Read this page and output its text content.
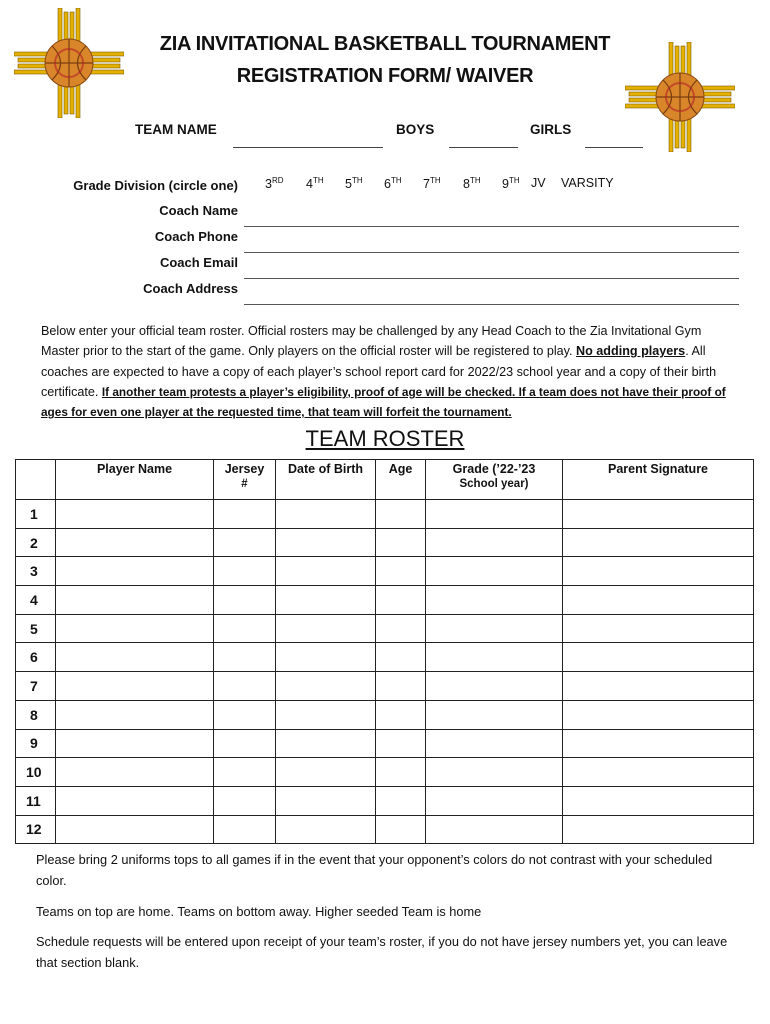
ZIA INVITATIONAL BASKETBALL TOURNAMENT
REGISTRATION FORM/ WAIVER
TEAM NAME	BOYS	GIRLS
Grade Division (circle one) 3RD 4TH 5TH 6TH 7TH 8TH 9TH JV VARSITY
Coach Name
Coach Phone
Coach Email
Coach Address
Below enter your official team roster. Official rosters may be challenged by any Head Coach to the Zia Invitational Gym Master prior to the start of the game. Only players on the official roster will be registered to play. No adding players. All coaches are expected to have a copy of each player’s school report card for 2022/23 school year and a copy of their birth certificate. If another team protests a player’s eligibility, proof of age will be checked. If a team does not have their proof of ages for even one player at the requested time, that team will forfeit the tournament.
TEAM ROSTER
	Player Name	Jersey
#	Date of Birth	Age	Grade (’22-’23
School year)	Parent Signature
1						
2						
3						
4						
5						
6						
7						
8						
9						
10						
11						
12						
Please bring 2 uniforms tops to all games if in the event that your opponent’s colors do not contrast with your scheduled color.
Teams on top are home. Teams on bottom away. Higher seeded Team is home
Schedule requests will be entered upon receipt of your team’s roster, if you do not have jersey numbers yet, you can leave that section blank.
